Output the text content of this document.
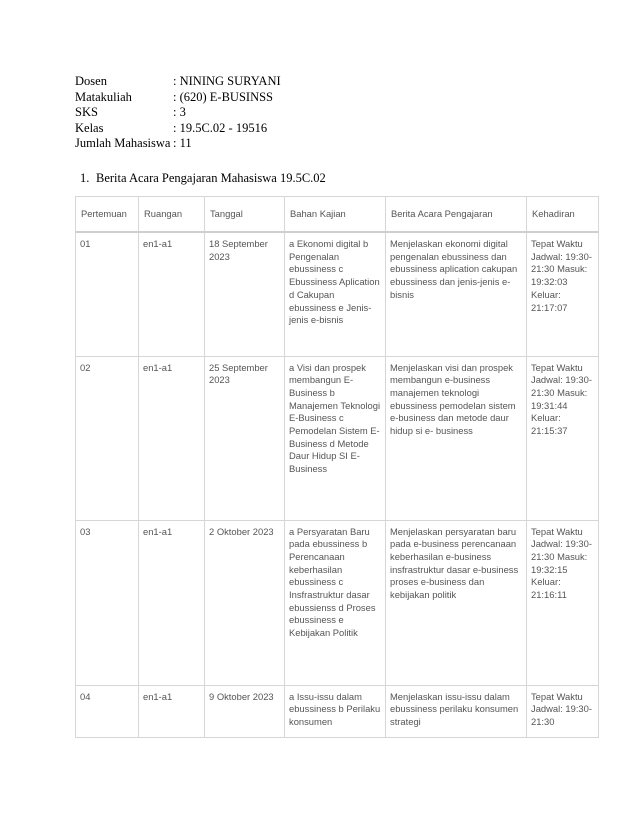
Dosen	: NINING SURYANI
Matakuliah	: (620) E-BUSINSS
SKS	: 3
Kelas	: 19.5C.02 - 19516
Jumlah Mahasiswa : 11
1. Berita Acara Pengajaran Mahasiswa 19.5C.02
Pertemuan	Ruangan	Tanggal	Bahan Kajian	Berita Acara Pengajaran	Kehadiran
01	en1-a1	18 September 2023	a Ekonomi digital b Pengenalan ebussiness c Ebussiness Aplication d Cakupan ebussiness e Jenis-jenis e-bisnis	Menjelaskan ekonomi digital pengenalan ebussiness dan ebussiness aplication cakupan ebussiness dan jenis-jenis e-bisnis	Tepat Waktu Jadwal: 19:30-21:30 Masuk: 19:32:03 Keluar: 21:17:07
02	en1-a1	25 September 2023	a Visi dan prospek membangun E-Business b Manajemen Teknologi E-Business c Pemodelan Sistem E- Business d Metode Daur Hidup SI E-Business	Menjelaskan visi dan prospek membangun e-business manajemen teknologi ebussiness pemodelan sistem e-business dan metode daur hidup si e- business	Tepat Waktu Jadwal: 19:30-21:30 Masuk: 19:31:44 Keluar: 21:15:37
03	en1-a1	2 Oktober 2023	a Persyaratan Baru pada ebussiness b Perencanaan keberhasilan ebussiness c Insfrastruktur dasar ebussienss d Proses ebussiness e Kebijakan Politik	Menjelaskan persyaratan baru pada e-business perencanaan keberhasilan e-business insfrastruktur dasar e-business proses e-business dan kebijakan politik	Tepat Waktu Jadwal: 19:30-21:30 Masuk: 19:32:15 Keluar: 21:16:11
04	en1-a1	9 Oktober 2023	a Issu-issu dalam ebussiness b Perilaku konsumen	Menjelaskan issu-issu dalam ebussiness perilaku konsumen strategi	Tepat Waktu Jadwal: 19:30-21:30
